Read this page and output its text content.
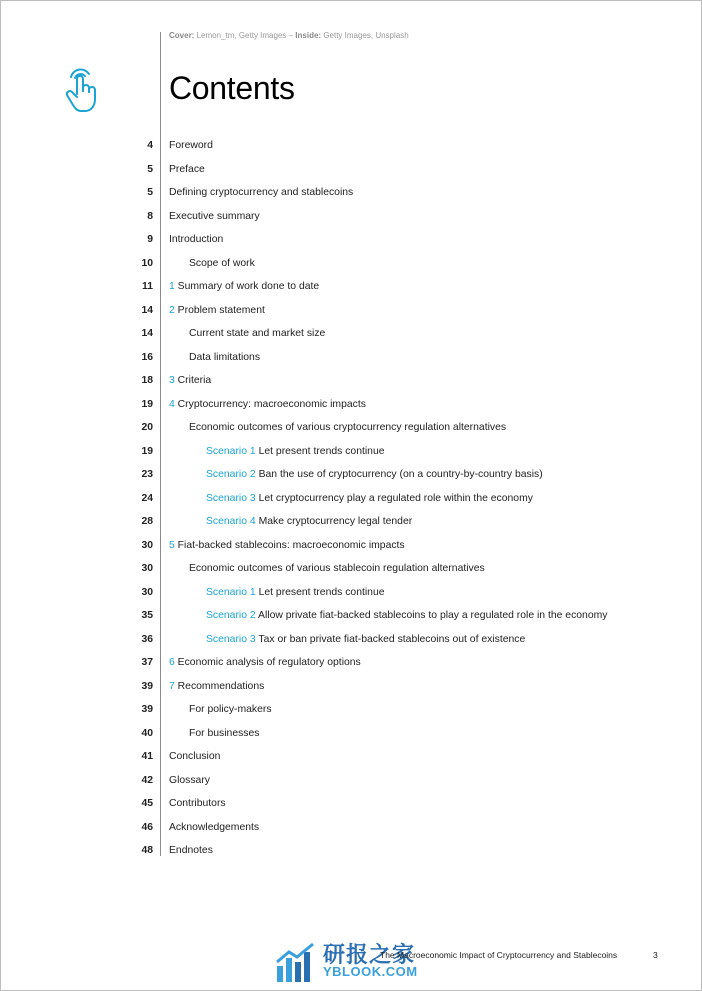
Cover: Lemon_tm, Getty Images – Inside: Getty Images, Unsplash
Contents
4 Foreword
5 Preface
5 Defining cryptocurrency and stablecoins
8 Executive summary
9 Introduction
10	Scope of work
11 1 Summary of work done to date
14 2 Problem statement
14	Current state and market size
16	Data limitations
18 3 Criteria
19 4 Cryptocurrency: macroeconomic impacts
20	Economic outcomes of various cryptocurrency regulation alternatives
19	Scenario 1 Let present trends continue
23	Scenario 2 Ban the use of cryptocurrency (on a country-by-country basis)
24	Scenario 3 Let cryptocurrency play a regulated role within the economy
28	Scenario 4 Make cryptocurrency legal tender
30 5 Fiat-backed stablecoins: macroeconomic impacts
30	Economic outcomes of various stablecoin regulation alternatives
30	Scenario 1 Let present trends continue
35	Scenario 2 Allow private fiat-backed stablecoins to play a regulated role in the economy
36	Scenario 3 Tax or ban private fiat-backed stablecoins out of existence
37 6 Economic analysis of regulatory options
39 7 Recommendations
39	For policy-makers
40	For businesses
41 Conclusion
42 Glossary
45 Contributors
46 Acknowledgements
48 Endnotes
研报之家
YBLOOK.COM
The Macroeconomic Impact of Cryptocurrency and Stablecoins	3
